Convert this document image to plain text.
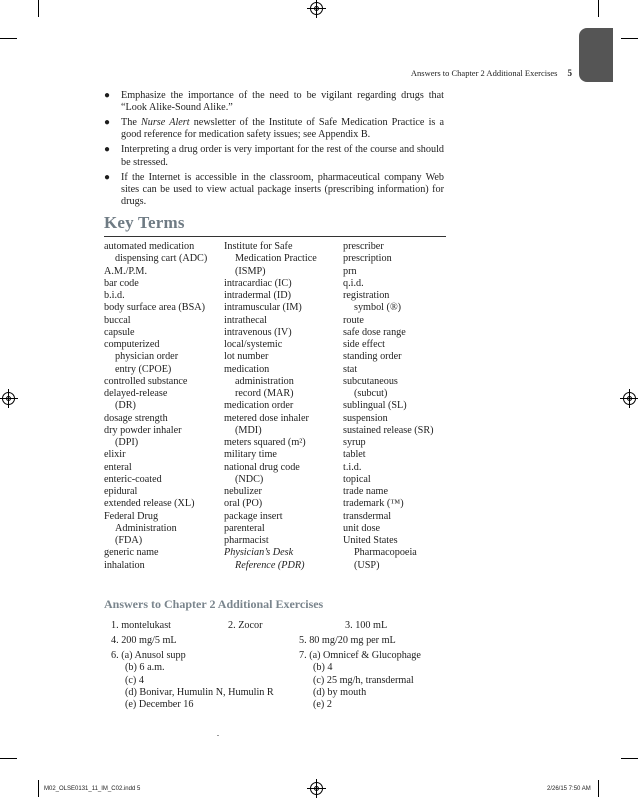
Answers to Chapter 2 Additional Exercises 5
● Emphasize the importance of the need to be vigilant regarding drugs that “Look Alike-Sound Alike.”
● The Nurse Alert newsletter of the Institute of Safe Medication Practice is a good reference for medication safety issues; see Appendix B.
● Interpreting a drug order is very important for the rest of the course and should be stressed.
● If the Internet is accessible in the classroom, pharmaceutical company Web sites can be used to view actual package inserts (prescribing information) for drugs.
Key Terms
automated medication
dispensing cart (ADC)
A.M./P.M.
bar code
b.i.d.
body surface area (BSA)
buccal
capsule
computerized
physician order
entry (CPOE)
controlled substance
delayed-release
(DR)
dosage strength
dry powder inhaler
(DPI)
elixir
enteral
enteric-coated
epidural
extended release (XL)
Federal Drug
Administration
(FDA)
generic name
inhalation
Institute for Safe
Medication Practice
(ISMP)
intracardiac (IC)
intradermal (ID)
intramuscular (IM)
intrathecal
intravenous (IV)
local/systemic
lot number
medication
administration
record (MAR)
medication order
metered dose inhaler
(MDI)
meters squared (m²)
military time
national drug code
(NDC)
nebulizer
oral (PO)
package insert
parenteral
pharmacist
Physician’s Desk
Reference (PDR)
prescriber
prescription
prn
q.i.d.
registration
symbol (®)
route
safe dose range
side effect
standing order
stat
subcutaneous
(subcut)
sublingual (SL)
suspension
sustained release (SR)
syrup
tablet
t.i.d.
topical
trade name
trademark (™)
transdermal
unit dose
United States
Pharmacopoeia
(USP)
Answers to Chapter 2 Additional Exercises
1. montelukast	2. Zocor	3. 100 mL
4. 200 mg/5 mL	5. 80 mg/20 mg per mL
6. (a) Anusol supp
(b) 6 a.m.
(c) 4
(d) Bonivar, Humulin N, Humulin R
(e) December 16
7. (a) Omnicef & Glucophage
(b) 4
(c) 25 mg/h, transdermal
(d) by mouth
(e) 2
M02_OLSE0131_11_IM_C02.indd 5	2/26/15 7:50 AM
